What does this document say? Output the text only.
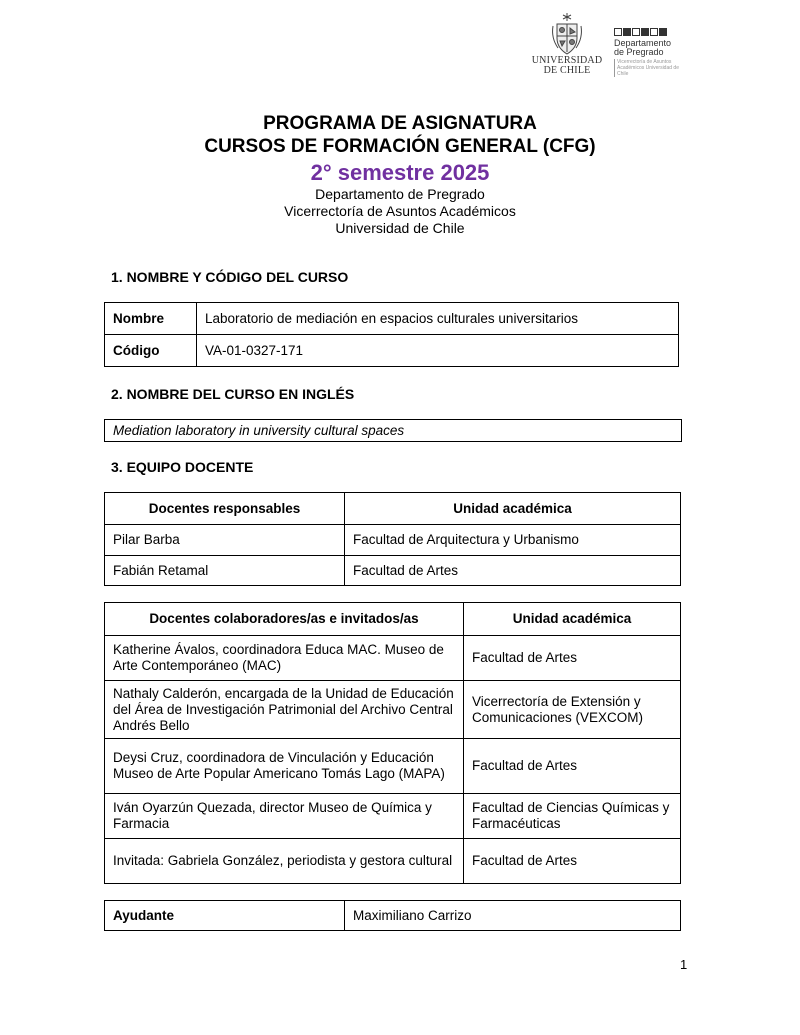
UNIVERSIDAD
DE CHILE
Departamento
de Pregrado
Vicerrectoría de Asuntos Académicos Universidad de Chile
PROGRAMA DE ASIGNATURA
CURSOS DE FORMACIÓN GENERAL (CFG)
2° semestre 2025
Departamento de Pregrado
Vicerrectoría de Asuntos Académicos
Universidad de Chile
1. NOMBRE Y CÓDIGO DEL CURSO
Nombre	Laboratorio de mediación en espacios culturales universitarios
Código	VA-01-0327-171
2. NOMBRE DEL CURSO EN INGLÉS
Mediation laboratory in university cultural spaces
3. EQUIPO DOCENTE
Docentes responsables	Unidad académica
Pilar Barba	Facultad de Arquitectura y Urbanismo
Fabián Retamal	Facultad de Artes
Docentes colaboradores/as e invitados/as	Unidad académica
Katherine Ávalos, coordinadora Educa MAC. Museo de Arte Contemporáneo (MAC)	Facultad de Artes
Nathaly Calderón, encargada de la Unidad de Educación del Área de Investigación Patrimonial del Archivo Central Andrés Bello	Vicerrectoría de Extensión y Comunicaciones (VEXCOM)
Deysi Cruz, coordinadora de Vinculación y Educación Museo de Arte Popular Americano Tomás Lago (MAPA)	Facultad de Artes
Iván Oyarzún Quezada, director Museo de Química y Farmacia	Facultad de Ciencias Químicas y Farmacéuticas
Invitada: Gabriela González, periodista y gestora cultural	Facultad de Artes
Ayudante	Maximiliano Carrizo
1
